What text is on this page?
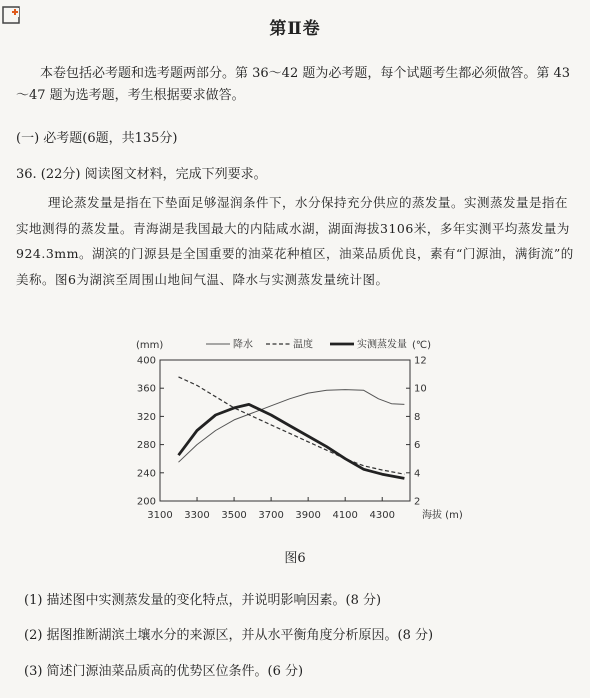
第Ⅱ卷
本卷包括必考题和选考题两部分。第 36～42 题为必考题，每个试题考生都必须做答。第 43～47 题为选考题，考生根据要求做答。
(一) 必考题(6题，共135分)
36. (22分) 阅读图文材料，完成下列要求。
理论蒸发量是指在下垫面足够湿润条件下，水分保持充分供应的蒸发量。实测蒸发量是指在实地测得的蒸发量。青海湖是我国最大的内陆咸水湖，湖面海拔3106米，多年实测平均蒸发量为924.3mm。湖滨的门源县是全国重要的油菜花种植区，油菜品质优良，素有“门源油，满街流”的美称。图6为湖滨至周围山地间气温、降水与实测蒸发量统计图。
降水	温度	实测蒸发量
200
240
280
320
360
400
2
4
6
8
10
12
3100 3300 3500 3700 3900 4100 4300	海拔 (m)
(mm)	(℃)
图6
(1) 描述图中实测蒸发量的变化特点，并说明影响因素。(8 分)
(2) 据图推断湖滨土壤水分的来源区，并从水平衡角度分析原因。(8 分)
(3) 简述门源油菜品质高的优势区位条件。(6 分)
